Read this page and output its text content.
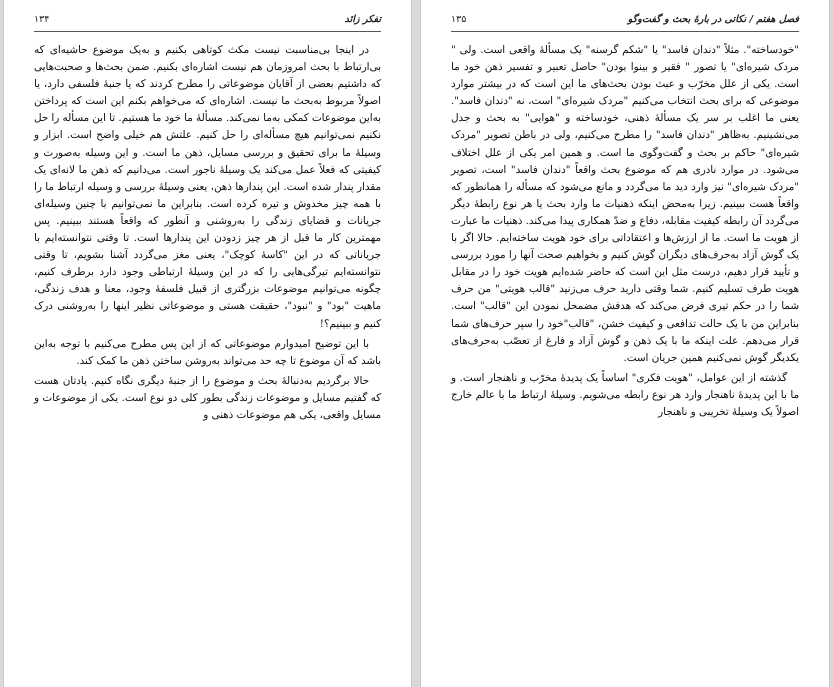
تفکر زائد
١٣۴

در اینجا بی‌مناسبت نیست مکث کوتاهی بکنیم و به‌یک موضوع حاشیه‌ای که بی‌ارتباط با بحث امروزمان هم نیست اشاره‌ای بکنیم. ضمن بحث‌ها و صحبت‌هایی که داشتیم بعضی از آقایان موضوعاتی را مطرح کردند که یا جنبهٔ فلسفی دارد، یا اصولاً مربوط به‌بحث ما نیست. اشاره‌ای که می‌خواهم بکنم این است که پرداختن به‌این موضوعات کمکی به‌ما نمی‌کند. مسألهٔ ما خود ما هستیم. تا این مسأله را حل نکنیم نمی‌توانیم هیچ مسأله‌ای را حل کنیم. علتش هم خیلی واضح است. ابزار و وسیلهٔ ما برای تحقیق و بررسی مسایل، ذهن ما است. و این وسیله به‌صورت و کیفیتی که فعلاً عمل می‌کند یک وسیلهٔ ناجور است. می‌دانیم که ذهن ما لانه‌ای یک مقدار پندار شده است. این پندارها ذهن، یعنی وسیلهٔ بررسی و وسیله ارتباط ما را با همه چیز مخدوش و تیره کرده است. بنابراین ما نمی‌توانیم با چنین وسیله‌ای جریانات و قضایای زندگی را به‌روشنی و آنطور که واقعاً هستند ببینیم. پس مهمترین کار ما قبل از هر چیز زدودن این پندارها است. تا وقتی نتوانسته‌ایم با جریاناتی که در این "کاسهٔ کوچک"، یعنی مغز می‌گردد آشنا بشویم، تا وقتی نتوانسته‌ایم تیرگی‌هایی را که در این وسیلهٔ ارتباطی وجود دارد برطرف کنیم، چگونه می‌توانیم موضوعات بزرگتری از قبیل فلسفهٔ وجود، معنا و هدف زندگی، ماهیت "بود" و "نبود"، حقیقت هستی و موضوعاتی نظیر اینها را به‌روشنی درک کنیم و ببینیم؟!

با این توضیح امیدوارم موضوعاتی که از این پس مطرح می‌کنیم با توجه به‌این باشد که آن موضوع تا چه حد می‌تواند به‌روشن ساختن ذهن ما کمک کند.

حالا برگردیم به‌دنبالهٔ بحث و موضوع را از جنبهٔ دیگری نگاه کنیم. یادتان هست که گفتیم مسایل و موضوعات زندگی بطور کلی دو نوع است. یکی از موضوعات و مسایل واقعی، یکی هم موضوعات ذهنی و

فصل هفتم / نکاتی در بارهٔ بحث و گفت‌وگو
١٣۵

"خودساخته". مثلاً "دندان فاسد" یا "شکم گرسنه" یک مسألهٔ واقعی است. ولی " مردک شیره‌ای" یا تصور " فقیر و بینوا بودن" حاصل تعبیر و تفسیر ذهن خود ما است. یکی از علل مخرّب و عبث بودن بحث‌های ما این است که در بیشتر موارد موضوعی که برای بحث انتخاب می‌کنیم "مردک شیره‌ای" است، نه "دندان فاسد". یعنی ما اغلب بر سر یک مسألهٔ ذهنی، خودساخته و "هوایی" به بحث و جدل می‌نشینیم. به‌ظاهر "دندان فاسد" را مطرح می‌کنیم، ولی در باطن تصویر "مردک شیره‌ای" حاکم بر بحث و گفت‌وگوی ما است. و همین امر یکی از علل اختلاف می‌شود. در موارد نادری هم که موضوع بحث واقعاً "دندان فاسد" است، تصویر "مردک شیره‌ای" نیز وارد دید ما می‌گردد و مانع می‌شود که مسأله را همانطور که واقعاً هست ببینیم. زیرا به‌محض اینکه ذهنیات ما وارد بحث یا هر نوع رابطهٔ دیگر می‌گردد آن رابطه کیفیت مقابله، دفاع و ضدّ همکاری پیدا می‌کند. ذهنیات ما عبارت از هویت ما است. ما از ارزش‌ها و اعتقاداتی برای خود هویت ساخته‌ایم. حالا اگر با یک گوش آزاد به‌حرف‌های دیگران گوش کنیم و بخواهیم صحت آنها را مورد بررسی و تأیید قرار دهیم، درست مثل این است که حاضر شده‌ایم هویت خود را در مقابل هویت طرف تسلیم کنیم. شما وقتی دارید حرف می‌زنید "قالب هویتی" من حرف شما را در حکم تیری فرض می‌کند که هدفش مضمحل نمودن این "قالب" است. بنابراین من با یک حالت تدافعی و کیفیت خشن، "قالب"خود را سپر حرف‌های شما قرار می‌دهم. علت اینکه ما با یک ذهن و گوش آزاد و فارغ از تعصّب به‌حرف‌های یکدیگر گوش نمی‌کنیم همین جریان است.

گذشته از این عوامل، "هویت فکری" اساساً یک پدیدهٔ مخرّب و ناهنجار است. و ما با این پدیدهٔ ناهنجار وارد هر نوع رابطه می‌شویم. وسیلهٔ ارتباط ما با عالم خارج اصولاً یک وسیلهٔ تخریبی و ناهنجار
